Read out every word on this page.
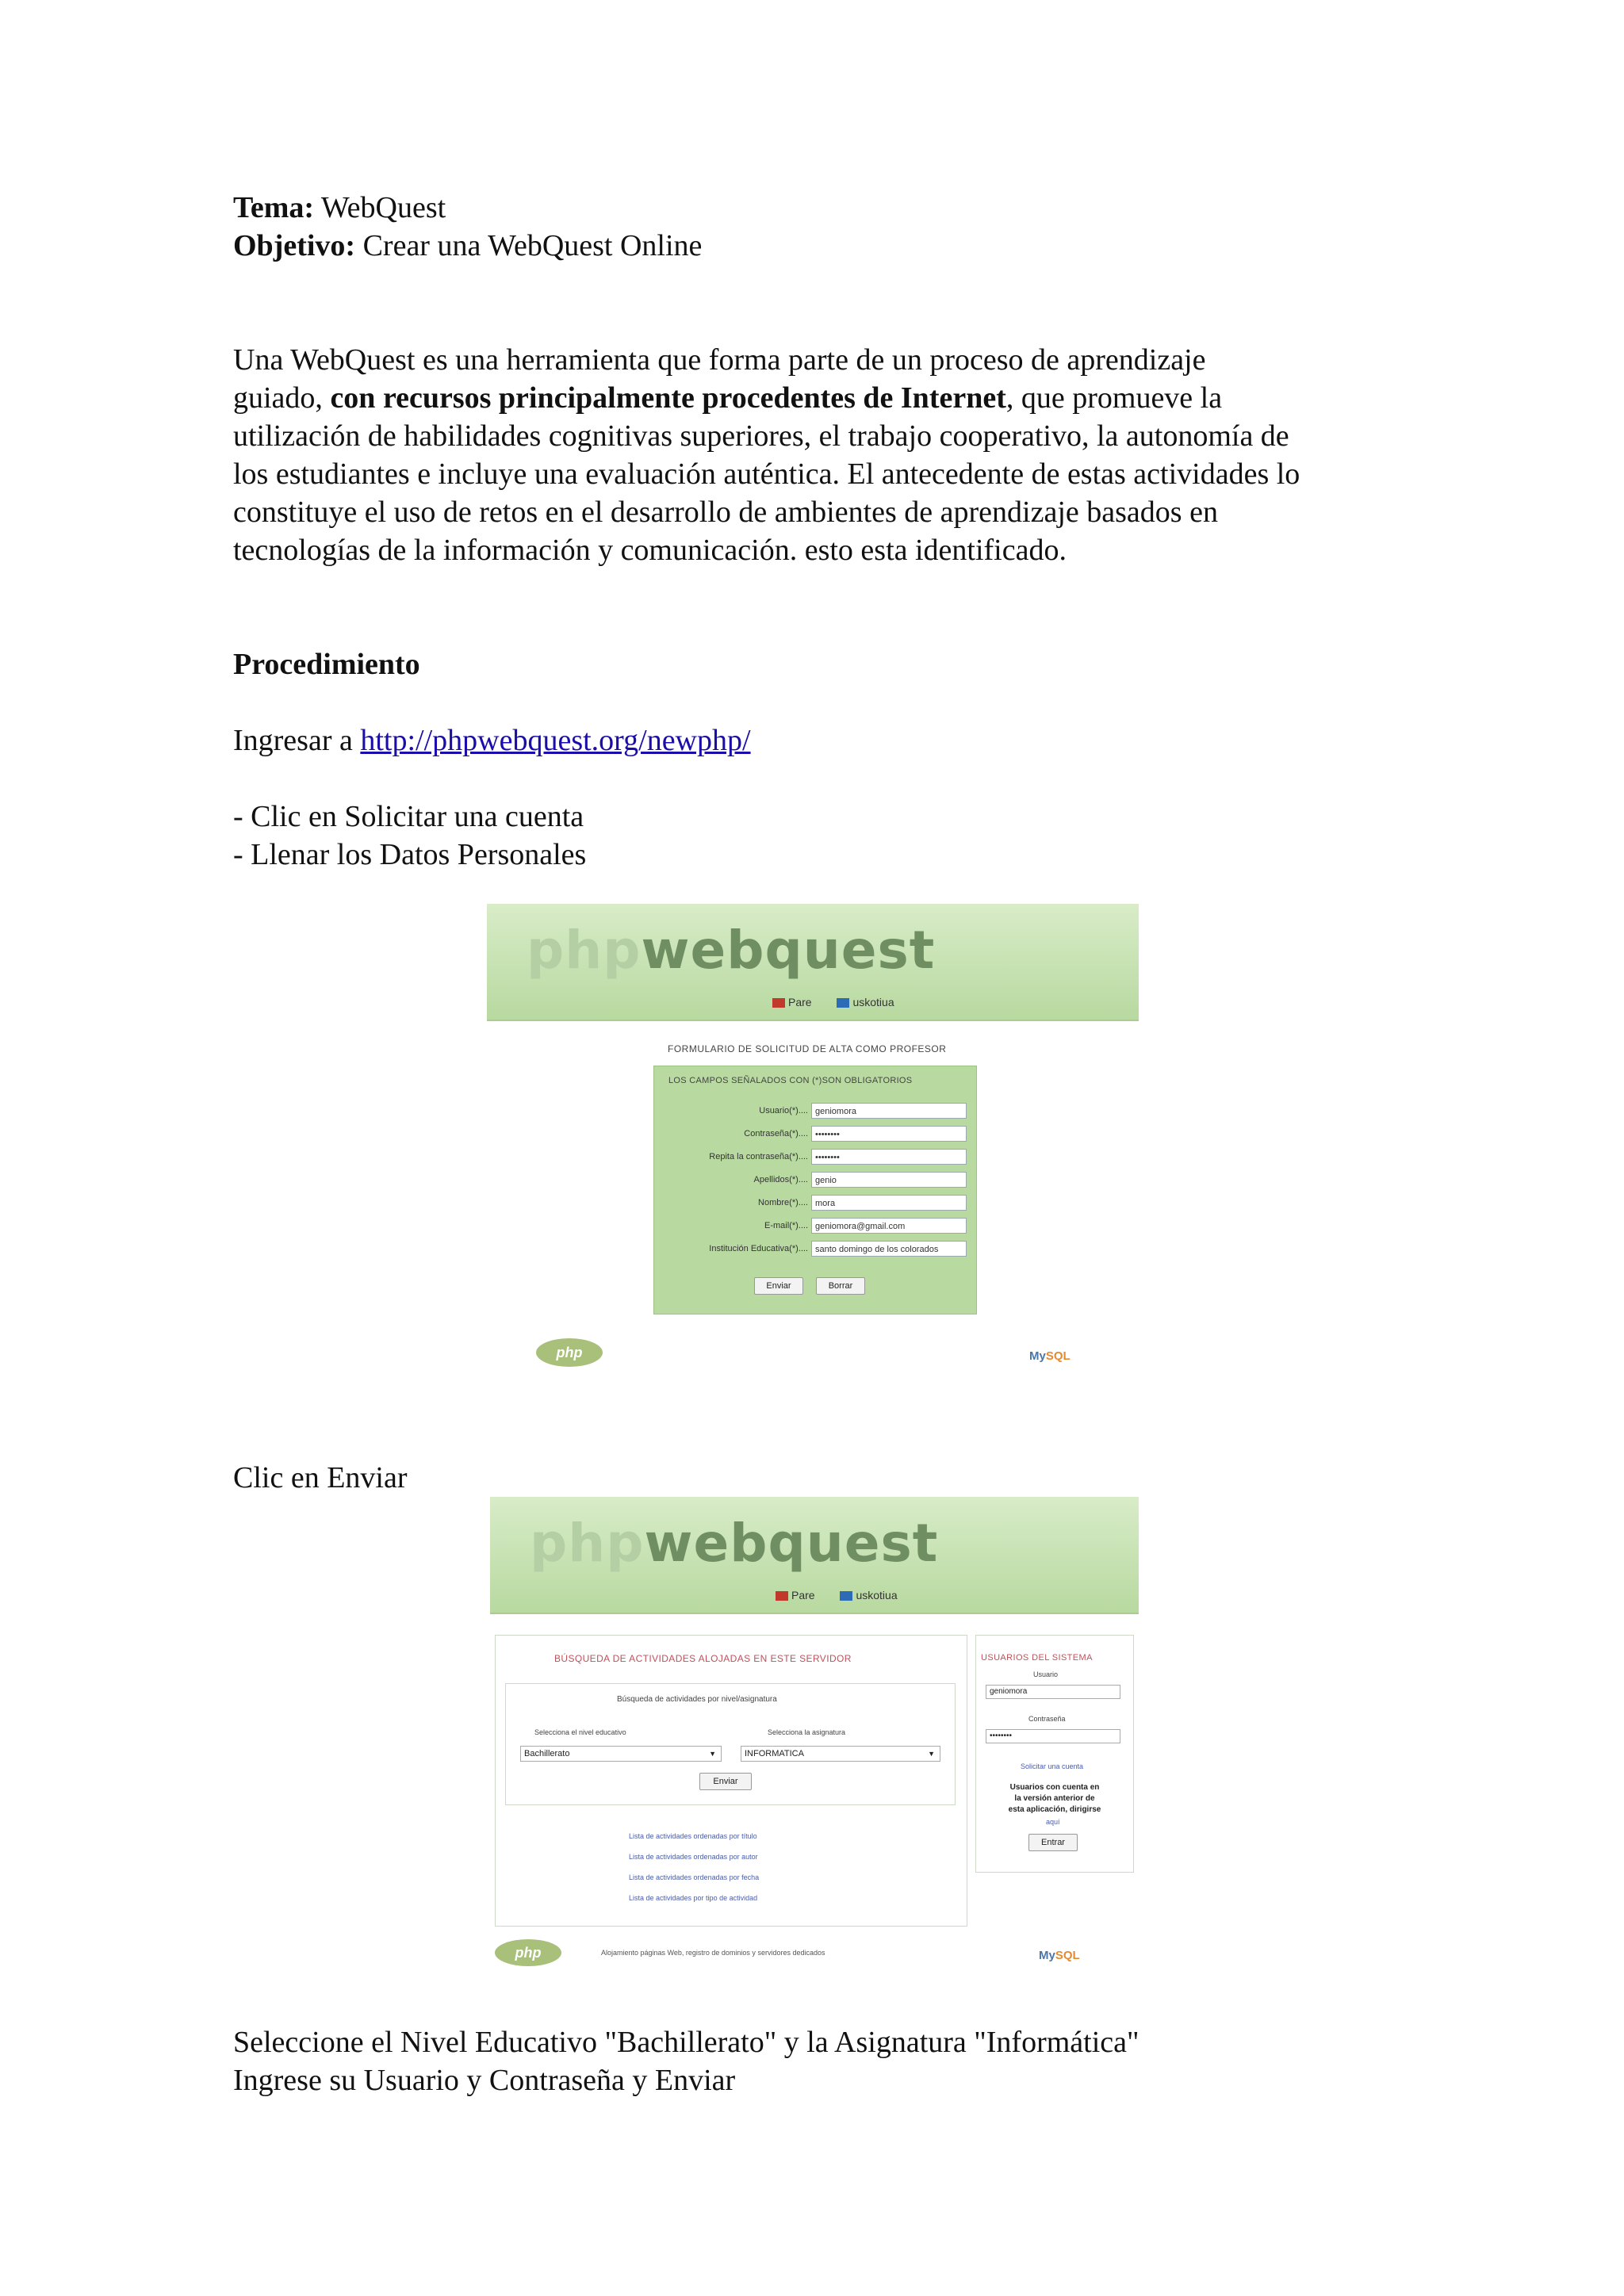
Tema: WebQuest
Objetivo: Crear una WebQuest Online
Una WebQuest es una herramienta que forma parte de un proceso de aprendizaje
guiado, con recursos principalmente procedentes de Internet, que promueve la
utilización de habilidades cognitivas superiores, el trabajo cooperativo, la autonomía de
los estudiantes e incluye una evaluación auténtica. El antecedente de estas actividades lo
constituye el uso de retos en el desarrollo de ambientes de aprendizaje basados en
tecnologías de la información y comunicación. esto esta identificado.
Procedimiento
Ingresar a http://phpwebquest.org/newphp/
- Clic en Solicitar una cuenta
- Llenar los Datos Personales
Clic en Enviar
Seleccione el Nivel Educativo "Bachillerato" y la Asignatura "Informática"
Ingrese su Usuario y Contraseña y Enviar
phpwebquest
Pare	uskotiua
FORMULARIO DE SOLICITUD DE ALTA COMO PROFESOR
LOS CAMPOS SEÑALADOS CON (*)SON OBLIGATORIOS
Usuario(*).... geniomora
Contraseña(*).... ••••••••
Repita la contraseña(*).... ••••••••
Apellidos(*).... genio
Nombre(*).... mora
E-mail(*).... geniomora@gmail.com
Institución Educativa(*).... santo domingo de los colorados
Enviar	Borrar
php	MySQL
phpwebquest
Pare	uskotiua
BÚSQUEDA DE ACTIVIDADES ALOJADAS EN ESTE SERVIDOR
Búsqueda de actividades por nivel/asignatura
Selecciona el nivel educativo	Selecciona la asignatura
Bachillerato	▼	INFORMATICA	▼
Enviar
Lista de actividades ordenadas por título
Lista de actividades ordenadas por autor
Lista de actividades ordenadas por fecha
Lista de actividades por tipo de actividad
USUARIOS DEL SISTEMA
Usuario
geniomora
Contraseña
••••••••
Solicitar una cuenta
Usuarios con cuenta en
la versión anterior de
esta aplicación, dirigirse
aquí
Entrar
php	Alojamiento páginas Web, registro de dominios y servidores dedicados	MySQL
